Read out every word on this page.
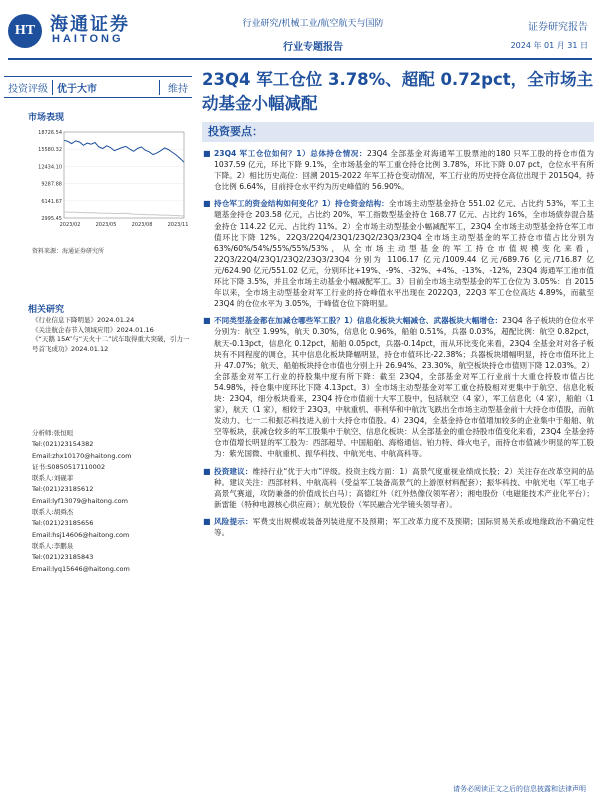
HT 海通证券
HAITONG
行业研究/机械工业/航空航天与国防
行业专题报告
证券研究报告
2024 年 01 月 31 日
投资评级 优于大市	维持 23Q4 军工仓位 3.78%、超配 0.72pct，全市场主动基金小幅减配
投资要点：
市场表现
18726.54
15580.32
12434.10
9287.88
6141.67
2995.45
2023/02	2023/05	2023/08	2023/11
资料来源：海通证券研究所
相关研究
《行业信息下降明显》2024.01.24
《关注航企春节入领域应用》2024.01.16
《“天鹅 15A”与“天火十二”试车取得重大突破，引力一号首飞成功》2024.01.12
分析师:张恒晅
Tel:(021)23154382
Email:zhx10170@haitong.com
证书:S0850517110002
联系人:刘砚菲
Tel:(021)23185612
Email:lyf13079@haitong.com
联系人:胡舜杰
Tel:(021)23185656
Email:hsj14606@haitong.com
联系人:李鹏泉
Tel:(021)23185843
Email:lyq15646@haitong.com
■ 23Q4 军工仓位如何？1）总体持仓情况：23Q4 全部基金对海通军工股票池的180 只军工股的持仓市值为 1037.59 亿元，环比下降 9.1%，全市场基金的军工重仓持仓比例 3.78%，环比下降 0.07 pct，仓位水平有所下降。2）相比历史高位：回溯 2015-2022 年军工持仓变动情况，军工行业的历史持仓高位出现于 2015Q4，持仓比例 6.64%，目前持仓水平约为历史峰值的 56.90%。
■ 持仓军工的资金结构如何变化？1）持仓资金结构：全市场主动型基金持仓 551.02 亿元、占比约 53%，军工主题基金持仓 203.58 亿元，占比约 20%，军工指数型基金持仓 168.77 亿元、占比约 16%，全市场债券混合基金持仓 114.22 亿元、占比约 11%。2）全市场主动型基金小幅减配军工，23Q4 全市场主动型基金持仓军工市值环比下降 12%。22Q3/22Q4/23Q1/23Q2/23Q3/23Q4 全市场主动型基金的军工持仓市值占比分别为 63%/60%/54%/55%/55%/53%，从全市场主动型基金的军工持仓市值规模变化来看，22Q3/22Q4/23Q1/23Q2/23Q3/23Q4 分别为 1106.17 亿元/1009.44 亿元/689.76 亿元/716.87 亿元/624.90 亿元/551.02 亿元，分别环比+19%、-9%、-32%、+4%、-13%、-12%，23Q4 海通军工池市值环比下降 3.5%，并且全市场主动基金小幅减配军工。3）目前全市场主动型基金的军工仓位为 3.05%：自 2015 年以来，全市场主动型基金对军工行业的持仓峰值水平出现在 2022Q3，22Q3 军工仓位高达 4.89%，而截至 23Q4 的仓位水平为 3.05%，于峰值仓位下降明显。
■ 不同类型基金都在加减仓哪些军工股？1）信息化板块大幅减仓、武器板块大幅增仓：23Q4 各子板块的仓位水平分别为：航空 1.99%，航天 0.30%，信息化 0.96%，船舶 0.51%，兵器 0.03%，超配比例：航空 0.82pct，航天-0.13pct，信息化 0.12pct，船舶 0.05pct，兵器-0.14pct，而从环比变化来看，23Q4 全基金对对各子板块有不同程度的调仓，其中信息化板块降幅明显，持仓市值环比-22.38%；兵器板块增幅明显，持仓市值环比上升 47.07%；航天、船舶板块持仓市值也分别上升 26.94%、23.30%，航空板块持仓市值则下降 12.03%。2）全部基金对军工行业的持股集中度有所下降：截至 23Q4，全部基金对军工行业前十大重仓持股市值占比 54.98%，持仓集中度环比下降 4.13pct。3）全市场主动型基金对军工重仓持股相对更集中于航空、信息化板块：23Q4，细分板块看来，23Q4 持仓市值前十大军工股中，包括航空（4 家），军工信息化（4 家），船舶（1 家），航天（1 家），相较于 23Q3，中航重机、菲利华和中航沈飞跌出全市场主动型基金前十大持仓市值股，而航发动力、七一二和振芯科技进入前十大持仓市值股。4）23Q4，全基金持仓市值增加较多的企业集中于船舶、航空等板块，获减仓较多的军工股集中于航空、信息化板块：从全部基金的重仓持股市值变化来看，23Q4 全基金持仓市值增长明显的军工股为：西部超导、中国船舶、海格通信、铂力特、烽火电子，而持仓市值减少明显的军工股为：紫光国微、中航重机、振华科技、中航光电、中航高科等。
■ 投资建议：维持行业“优于大市”评级。投资主线方面：1）高景气度重视业绩成长股；2）关注存在改革空间的品种。建议关注：西部材料、中航高科（受益军工装备高景气的上游原材料配套）；振华科技、中航光电（军工电子高景气赛道，攻防兼备的价值成长白马）；高德红外（红外热像仪领军者）；湘电股份（电磁能技术产业化平台）；新雷能（特种电源核心供应商）；航光股份（军民融合光学镜头领导者）。
■ 风险提示：军费支出规模或装备列装进度不及预期；军工改革力度不及预期；国际贸易关系或地缘政治不确定性等。
请务必阅读正文之后的信息披露和法律声明
